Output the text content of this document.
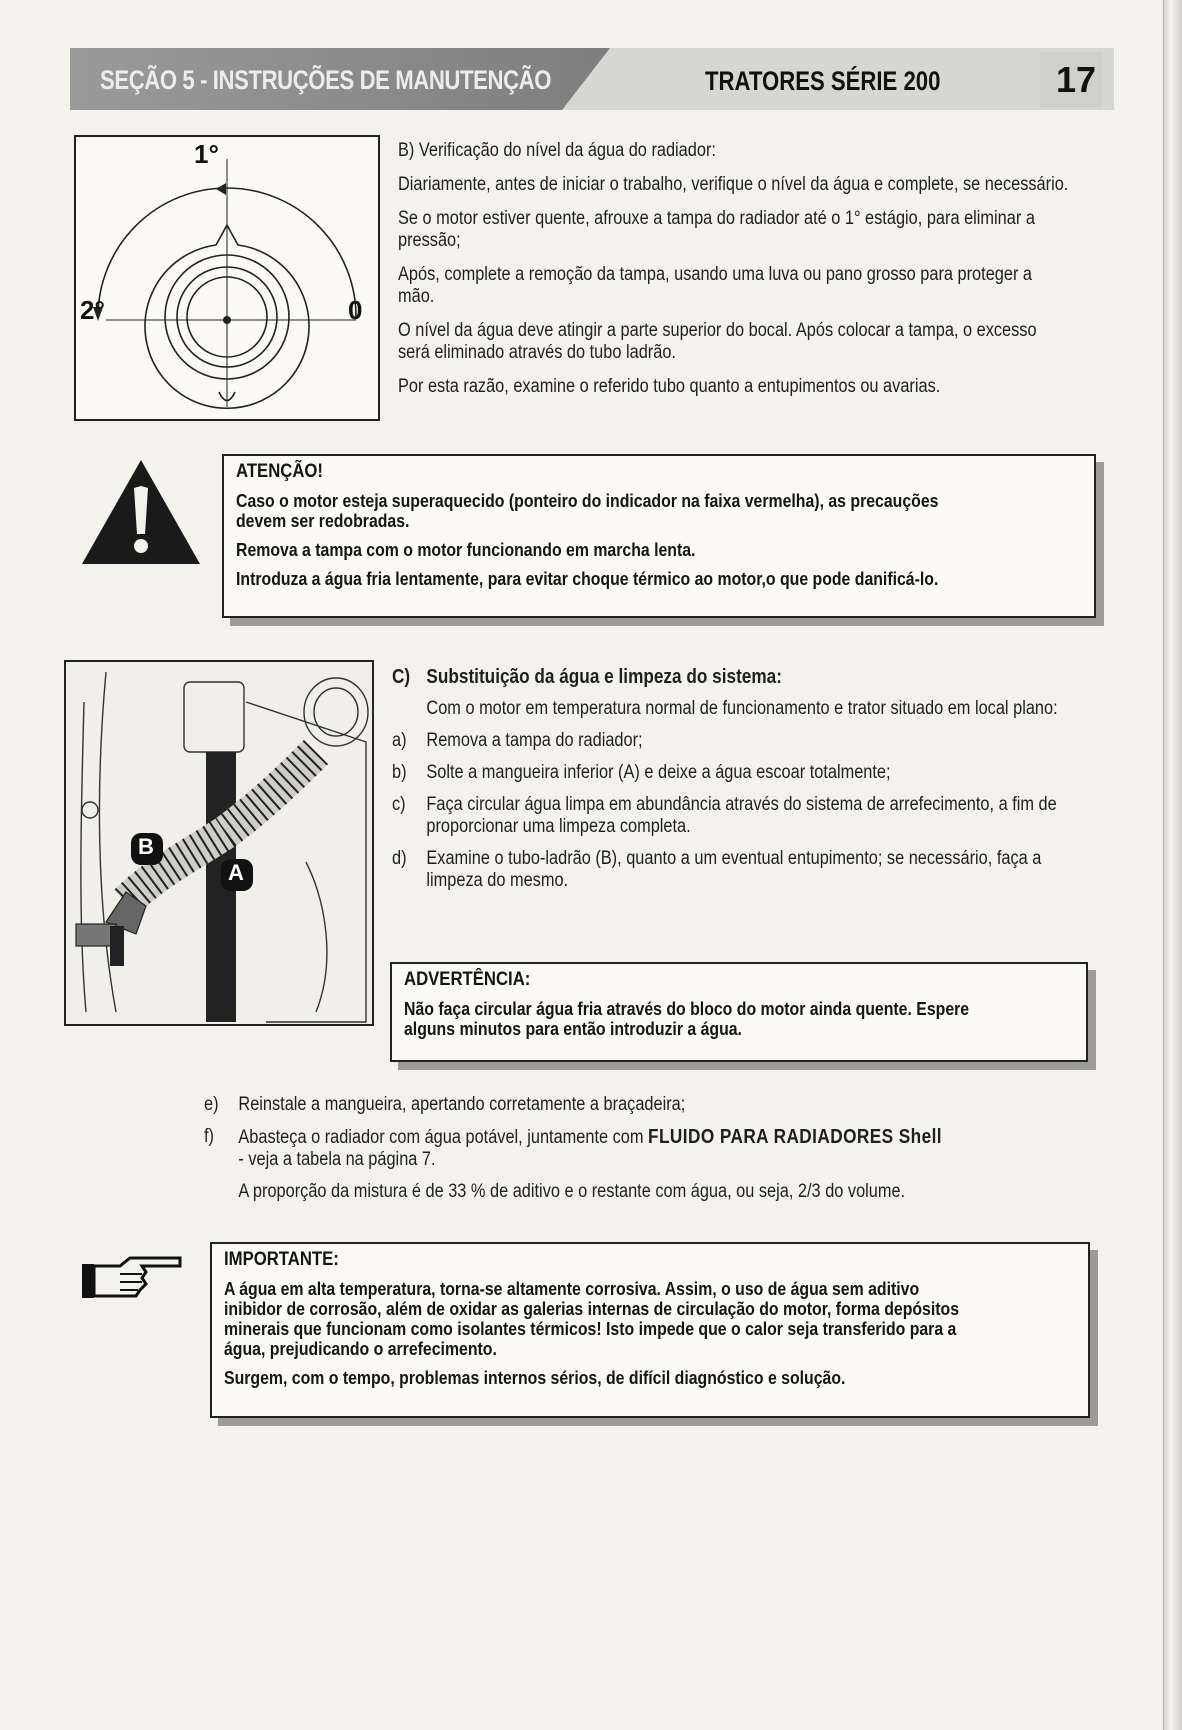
SEÇÃO 5 - INSTRUÇÕES DE MANUTENÇÃO	TRATORES SÉRIE 200	17
1°
2°	0

B) Verificação do nível da água do radiador:

Diariamente, antes de iniciar o trabalho, verifique o nível da água e complete, se necessário.

Se o motor estiver quente, afrouxe a tampa do radiador até o 1° estágio, para eliminar a pressão;

Após, complete a remoção da tampa, usando uma luva ou pano grosso para proteger a mão.

O nível da água deve atingir a parte superior do bocal. Após colocar a tampa, o excesso será eliminado através do tubo ladrão.

Por esta razão, examine o referido tubo quanto a entupimentos ou avarias.

ATENÇÃO!

Caso o motor esteja superaquecido (ponteiro do indicador na faixa vermelha), as precauções devem ser redobradas.

Remova a tampa com o motor funcionando em marcha lenta.

Introduza a água fria lentamente, para evitar choque térmico ao motor,o que pode danificá-lo.

B
A
C) Substituição da água e limpeza do sistema:
Com o motor em temperatura normal de funcionamento e trator situado em local plano:
a)	Remova a tampa do radiador;
b)	Solte a mangueira inferior (A) e deixe a água escoar totalmente;
c)	Faça circular água limpa em abundância através do sistema de arrefecimento, a fim de proporcionar uma limpeza completa.
d)	Examine o tubo-ladrão (B), quanto a um eventual entupimento; se necessário, faça a limpeza do mesmo.

ADVERTÊNCIA:

Não faça circular água fria através do bloco do motor ainda quente. Espere alguns minutos para então introduzir a água.

e)	Reinstale a mangueira, apertando corretamente a braçadeira;
f)	Abasteça o radiador com água potável, juntamente com FLUIDO PARA RADIADORES Shell
- veja a tabela na página 7.
A proporção da mistura é de 33 % de aditivo e o restante com água, ou seja, 2/3 do volume.

IMPORTANTE:

A água em alta temperatura, torna-se altamente corrosiva. Assim, o uso de água sem aditivo inibidor de corrosão, além de oxidar as galerias internas de circulação do motor, forma depósitos minerais que funcionam como isolantes térmicos! Isto impede que o calor seja transferido para a água, prejudicando o arrefecimento.

Surgem, com o tempo, problemas internos sérios, de difícil diagnóstico e solução.
